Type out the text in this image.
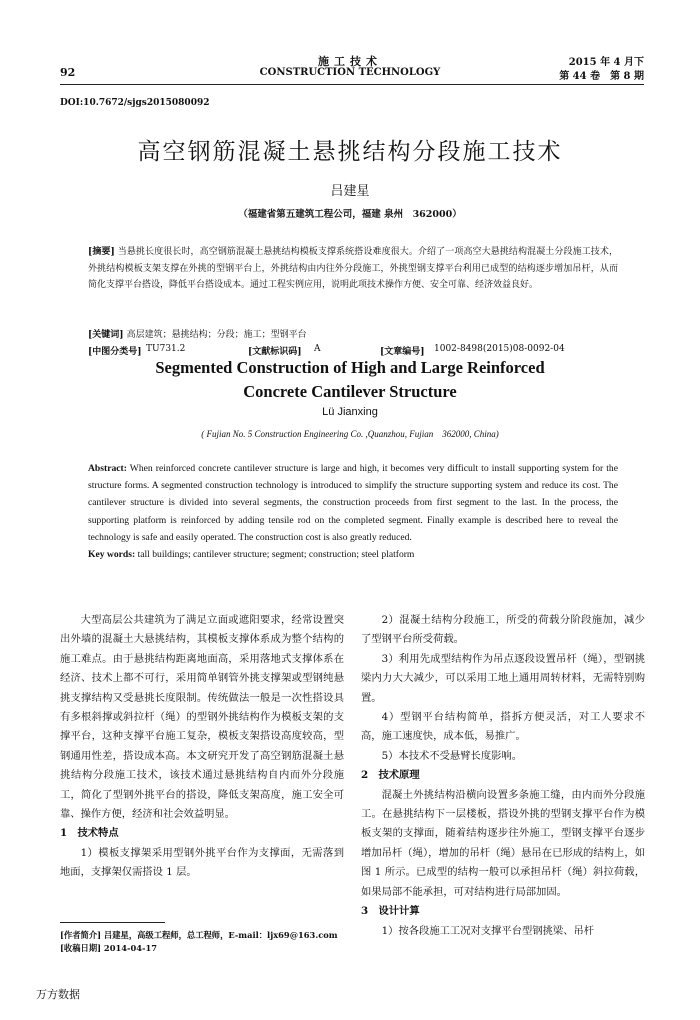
92
施工技术
CONSTRUCTION TECHNOLOGY
2015 年 4 月下
第 44 卷　第 8 期
DOI:10.7672/sjgs2015080092
高空钢筋混凝土悬挑结构分段施工技术
吕建星
（福建省第五建筑工程公司，福建 泉州　362000）
[摘要] 当悬挑长度很长时，高空钢筋混凝土悬挑结构模板支撑系统搭设难度很大。介绍了一项高空大悬挑结构混凝土分段施工技术，外挑结构模板支架支撑在外挑的型钢平台上，外挑结构由内往外分段施工，外挑型钢支撑平台利用已成型的结构逐步增加吊杆，从而简化支撑平台搭设，降低平台搭设成本。通过工程实例应用，说明此项技术操作方便、安全可靠、经济效益良好。
[关键词] 高层建筑；悬挑结构；分段；施工；型钢平台
[中图分类号] TU731.2	[文献标识码] A	[文章编号] 1002-8498(2015)08-0092-04
Segmented Construction of High and Large Reinforced
Concrete Cantilever Structure
Lü Jianxing
( Fujian No. 5 Construction Engineering Co. ,Quanzhou, Fujian　362000, China)
Abstract: When reinforced concrete cantilever structure is large and high, it becomes very difficult to install supporting system for the structure forms. A segmented construction technology is introduced to simplify the structure supporting system and reduce its cost. The cantilever structure is divided into several segments, the construction proceeds from first segment to the last. In the process, the supporting platform is reinforced by adding tensile rod on the completed segment. Finally example is described here to reveal the technology is safe and easily operated. The construction cost is also greatly reduced.
Key words: tall buildings; cantilever structure; segment; construction; steel platform

大型高层公共建筑为了满足立面或遮阳要求，经常设置突出外墙的混凝土大悬挑结构，其模板支撑体系成为整个结构的施工难点。由于悬挑结构距离地面高，采用落地式支撑体系在经济、技术上都不可行，采用简单钢管外挑支撑架或型钢纯悬挑支撑结构又受悬挑长度限制。传统做法一般是一次性搭设具有多根斜撑或斜拉杆（绳）的型钢外挑结构作为模板支架的支撑平台，这种支撑平台施工复杂，模板支架搭设高度较高，型钢通用性差，搭设成本高。本文研究开发了高空钢筋混凝土悬挑结构分段施工技术，该技术通过悬挑结构自内而外分段施工，简化了型钢外挑平台的搭设，降低支架高度，施工安全可靠、操作方便，经济和社会效益明显。

1　技术特点

1）模板支撑架采用型钢外挑平台作为支撑面，无需落到地面，支撑架仅需搭设 1 层。

2）混凝土结构分段施工，所受的荷载分阶段施加，减少了型钢平台所受荷载。

3）利用先成型结构作为吊点逐段设置吊杆（绳），型钢挑梁内力大大减少，可以采用工地上通用周转材料，无需特别购置。

4）型钢平台结构简单，搭拆方便灵活，对工人要求不高，施工速度快，成本低，易推广。

5）本技术不受悬臂长度影响。

2　技术原理

混凝土外挑结构沿横向设置多条施工缝，由内而外分段施工。在悬挑结构下一层楼板，搭设外挑的型钢支撑平台作为模板支架的支撑面，随着结构逐步往外施工，型钢支撑平台逐步增加吊杆（绳），增加的吊杆（绳）悬吊在已形成的结构上，如图 1 所示。已成型的结构一般可以承担吊杆（绳）斜拉荷载，如果局部不能承担，可对结构进行局部加固。

3　设计计算

1）按各段施工工况对支撑平台型钢挑梁、吊杆

[作者简介] 吕建星，高级工程师，总工程师，E-mail：ljx69@163.com
[收稿日期] 2014-04-17
万方数据
